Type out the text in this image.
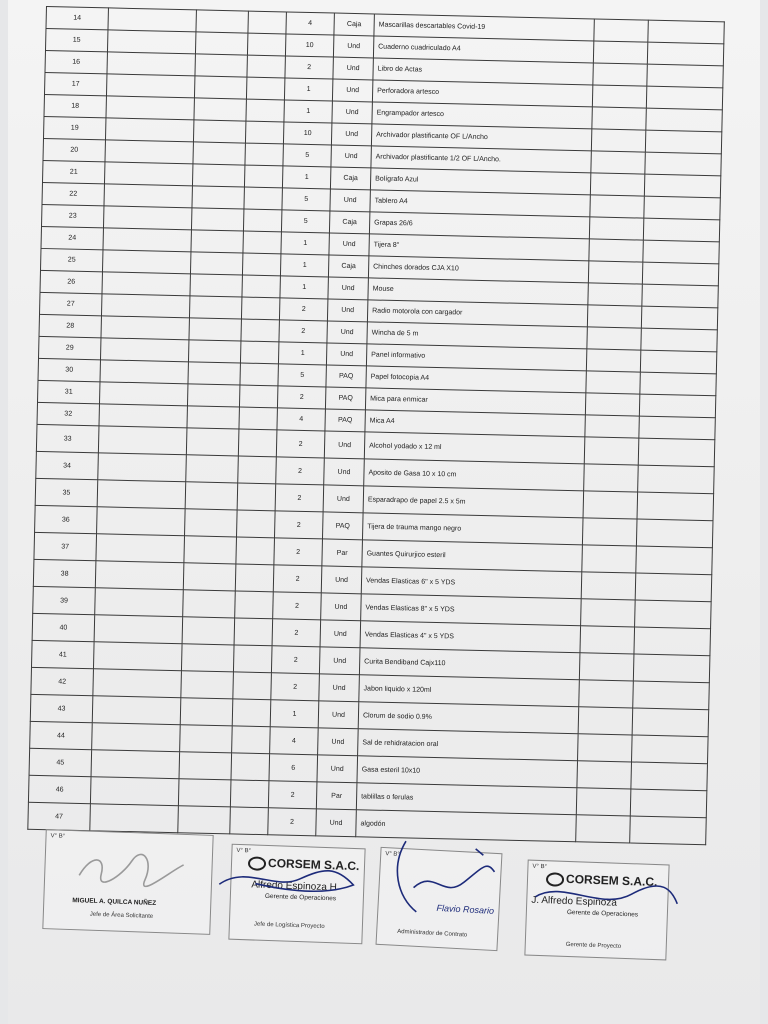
14				4	Caja	Mascarillas descartables Covid-19		
15				10	Und	Cuaderno cuadriculado A4		
16				2	Und	Libro de Actas		
17				1	Und	Perforadora artesco		
18				1	Und	Engrampador artesco		
19				10	Und	Archivador plastificante OF L/Ancho		
20				5	Und	Archivador plastificante 1/2 OF L/Ancho.		
21				1	Caja	Bolígrafo Azul		
22				5	Und	Tablero A4		
23				5	Caja	Grapas 26/6		
24				1	Und	Tijera 8"		
25				1	Caja	Chinches dorados CJA X10		
26				1	Und	Mouse		
27				2	Und	Radio motorola con cargador		
28				2	Und	Wincha de 5 m		
29				1	Und	Panel informativo		
30				5	PAQ	Papel fotocopia A4		
31				2	PAQ	Mica para enmicar		
32				4	PAQ	Mica A4		
33				2	Und	Alcohol yodado x 12 ml		
34				2	Und	Aposito de Gasa 10 x 10 cm		
35				2	Und	Esparadrapo de papel 2.5 x 5m		
36				2	PAQ	Tijera de trauma mango negro		
37				2	Par	Guantes Quirurjico esteril		
38				2	Und	Vendas Elasticas 6" x 5 YDS		
39				2	Und	Vendas Elasticas 8" x 5 YDS		
40				2	Und	Vendas Elasticas 4" x 5 YDS		
41				2	Und	Curita Bendiband Cajx110		
42				2	Und	Jabon liquido x 120ml		
43				1	Und	Clorum de sodio 0.9%		
44				4	Und	Sal de rehidratacion oral		
45				6	Und	Gasa esteril 10x10		
46				2	Par	tablillas o ferulas		
47				2	Und	algodón		
V° B°
MIGUEL A. QUILCA NUÑEZ
Jefe de Área Solicitante
V° B°
CORSEM S.A.C.
Alfredo Espinoza H
Gerente de Operaciones
Jefe de Logística Proyecto
V° B°
Flavio Rosario
Administrador de Contrato
V° B°
CORSEM S.A.C.
J. Alfredo Espinoza
Gerente de Operaciones
Gerente de Proyecto
